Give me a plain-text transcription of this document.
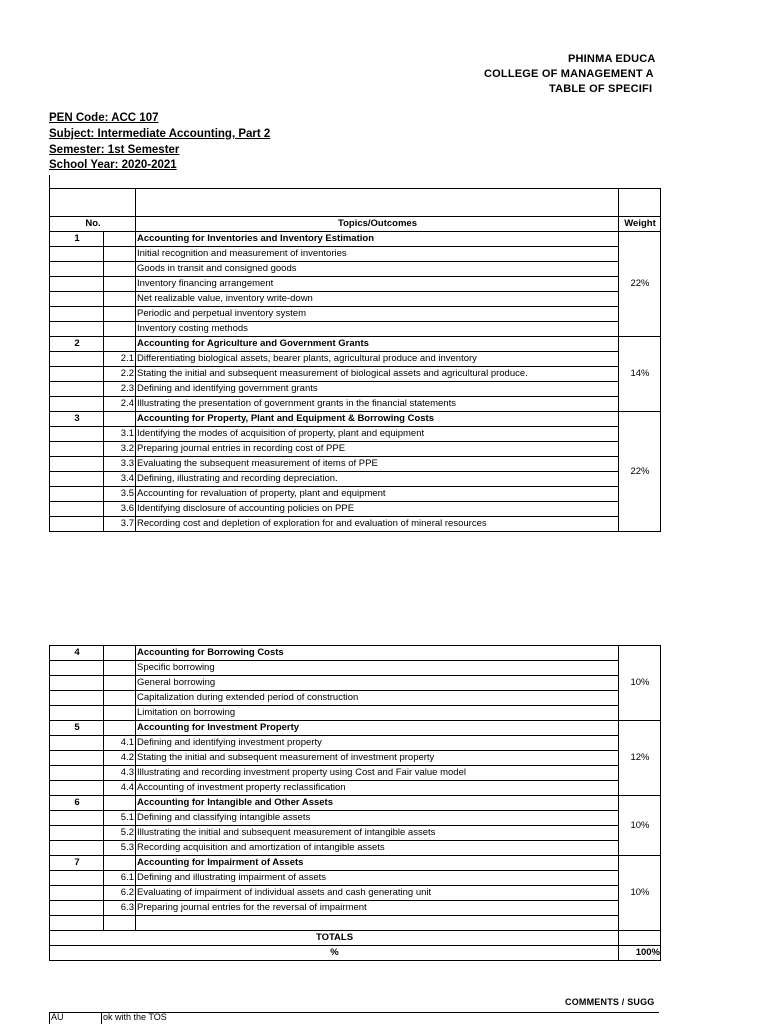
PHINMA EDUCA
COLLEGE OF MANAGEMENT A
TABLE OF SPECIFI
PEN Code: ACC 107
Subject: Intermediate Accounting, Part 2
Semester: 1st Semester
School Year: 2020-2021

No.		Topics/Outcomes	Weight
1		Accounting for Inventories and Inventory Estimation	22%
		Initial recognition and measurement of inventories	
		Goods in transit and consigned goods	
		Inventory financing arrangement	
		Net realizable value, inventory write-down	
		Periodic and perpetual inventory system	
		Inventory costing methods	
2		Accounting for Agriculture and Government Grants	14%
	2.1	Differentiating biological assets, bearer plants, agricultural produce and inventory	
	2.2	Stating the initial and subsequent measurement of biological assets and agricultural produce.	
	2.3	Defining and identifying government grants	
	2.4	Illustrating the presentation of government grants in the financial statements	
3		Accounting for Property, Plant and Equipment & Borrowing Costs	22%
	3.1	Identifying the modes of acquisition of property, plant and equipment	
	3.2	Preparing journal entries in recording cost of PPE	
	3.3	Evaluating the subsequent measurement of items of PPE	
	3.4	Defining, illustrating and recording depreciation.	
	3.5	Accounting for revaluation of property, plant and equipment	
	3.6	Identifying disclosure of accounting policies on PPE	
	3.7	Recording cost and depletion of exploration for and evaluation of mineral resources	
4		Accounting for Borrowing Costs	10%
		Specific borrowing	
		General borrowing	
		Capitalization during extended period of construction	
		Limitation on borrowing	
5		Accounting for Investment Property	12%
	4.1	Defining and identifying investment property	
	4.2	Stating the initial and subsequent measurement of investment property	
	4.3	Illustrating and recording investment property using Cost and Fair value model	
	4.4	Accounting of investment property reclassification	
6		Accounting for Intangible and Other Assets	10%
	5.1	Defining and classifying intangible assets	
	5.2	Illustrating the initial and subsequent measurement of intangible assets	
	5.3	Recording acquisition and amortization of intangible assets	
7		Accounting for Impairment of Assets	10%
	6.1	Defining and illustrating impairment of assets	
	6.2	Evaluating of impairment of individual assets and cash generating unit	
	6.3	Preparing journal entries for the reversal of impairment	

TOTALS			
%			100%
COMMENTS / SUGG
AU	ok with the TOS
